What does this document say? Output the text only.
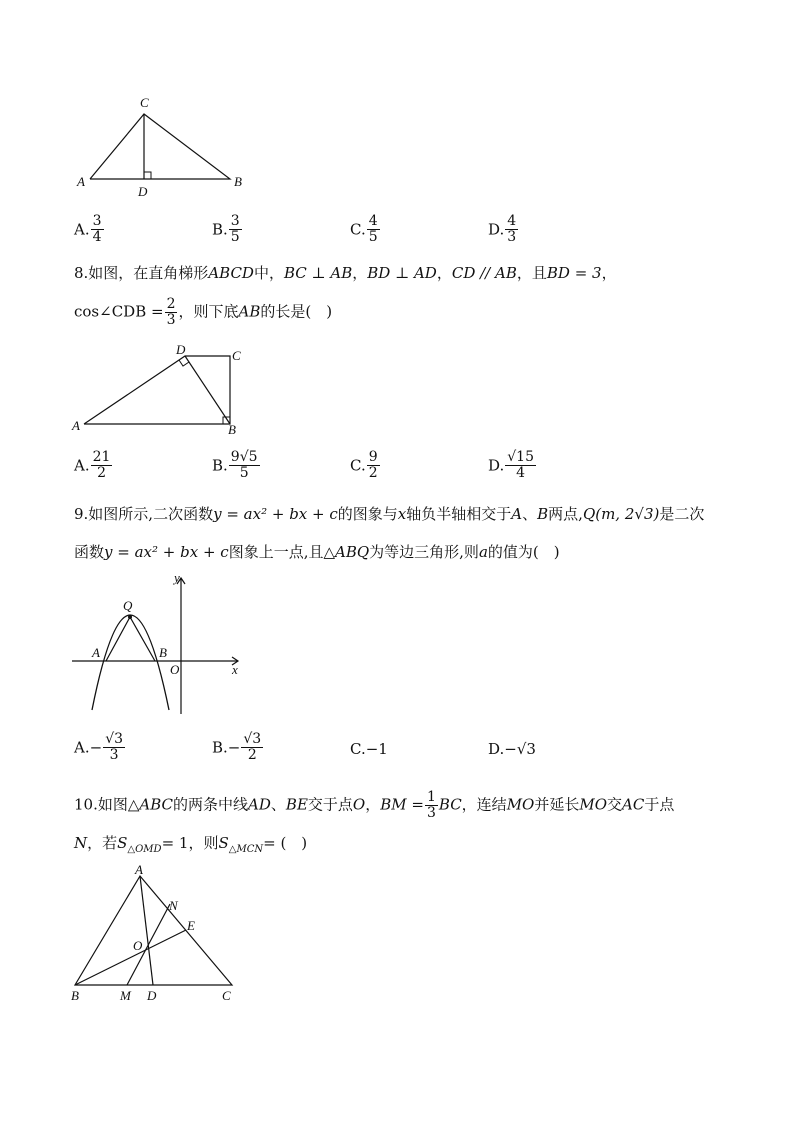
C
A
D
B
A. $\frac{3}{4}$	B. $\frac{3}{5}$	C. $\frac{4}{5}$	D. $\frac{4}{3}$
8.如图，在直角梯形ABCD中，BC ⊥ AB，BD ⊥ AD，CD // AB，且BD = 3，
cos∠CDB = $\frac{2}{3}$ ，则下底AB的长是(　)
D	C
A	B
A. $\frac{21}{2}$	B. $\frac{9√5}{5}$	C. $\frac{9}{2}$	D. $\frac{√15}{4}$
9.如图所示,二次函数y = ax² + bx + c的图象与x轴负半轴相交于A、B两点,Q(m, 2√3)是二次
函数y = ax² + bx + c图象上一点,且△ABQ为等边三角形,则a的值为(　)
y
Q
A	B
O	x
$A.- \frac{√3}{3}$	$B.- \frac{√3}{2}$	C.−1	D.−√3
10.如图△ABC的两条中线AD、BE交于点O，BM = $\frac{1}{3}$ BC，连结MO并延长MO交AC于点
N，若$S_{\triangle OMD}= 1$，则$S_{\triangle MCN}=$ (　)
A
N
E
O
B	M D	C
